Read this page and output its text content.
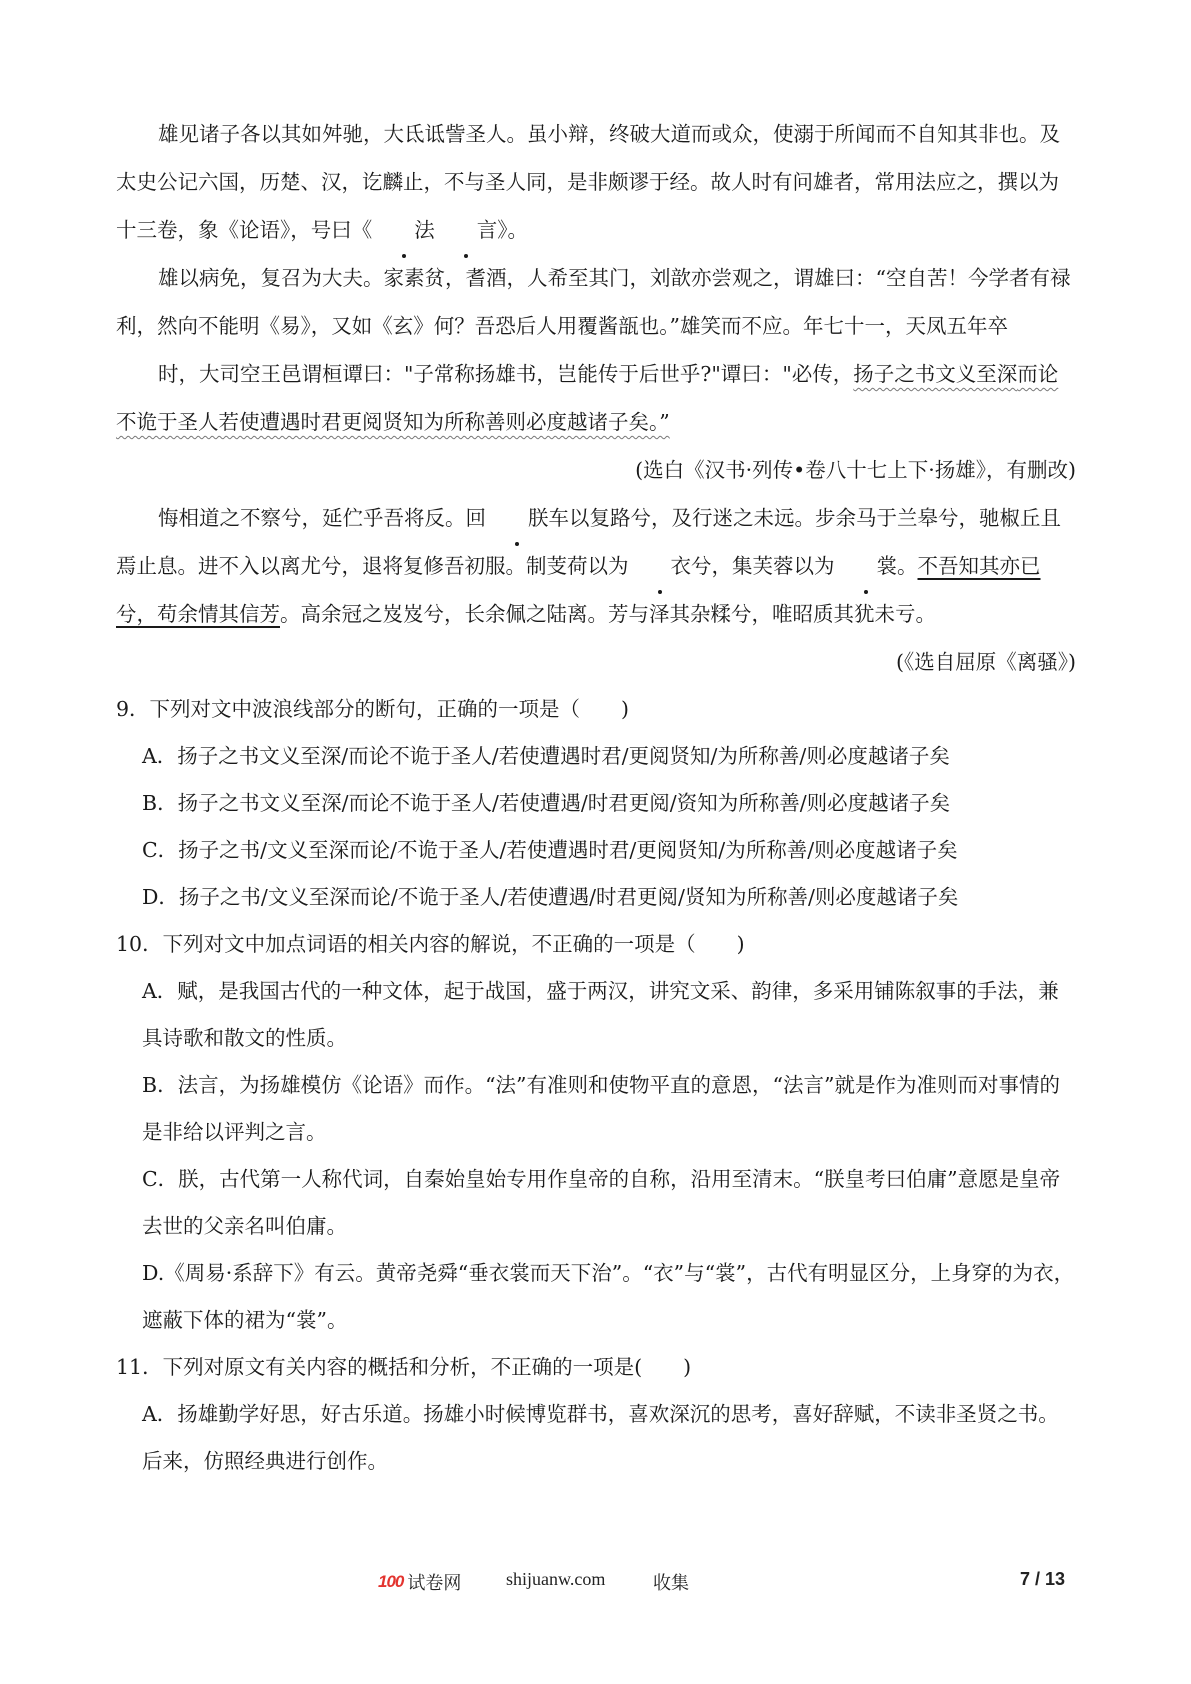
雄见诸子各以其如舛驰，大氐诋訾圣人。虽小辩，终破大道而或众，使溺于所闻而不自知其非也。及太史公记六国，历楚、汉，讫麟止，不与圣人同，是非颇谬于经。故人时有问雄者，常用法应之，撰以为十三卷，象《论语》，号曰《 法 言》。

雄以病免，复召为大夫。家素贫，耆酒，人希至其门，刘歆亦尝观之，谓雄曰：“空自苦！今学者有禄利，然向不能明《易》，又如《玄》何？吾恐后人用覆酱瓿也。”雄笑而不应。年七十一，天凤五年卒

时，大司空王邑谓桓谭曰："子常称扬雄书，岂能传于后世乎?"谭曰："必传，扬子之书文义至深而论不诡于圣人若使遭遇时君更阅贤知为所称善则必度越诸子矣。”

(选白《汉书·列传•卷八十七上下·扬雄》，有删改)

悔相道之不察兮，延伫乎吾将反。回 朕车以复路兮，及行迷之未远。步余马于兰皋兮，驰椒丘且焉止息。进不入以离尤兮，退将复修吾初服。制芰荷以为 衣兮，集芙蓉以为 裳。不吾知其亦已兮，苟余情其信芳。高余冠之岌岌兮，长余佩之陆离。芳与泽其杂糅兮，唯昭质其犹未亏。

(《选自屈原《离骚》)

9．下列对文中波浪线部分的断句，正确的一项是（　　)

A．扬子之书文义至深/而论不诡于圣人/若使遭遇时君/更阅贤知/为所称善/则必度越诸子矣

B．扬子之书文义至深/而论不诡于圣人/若使遭遇/时君更阅/资知为所称善/则必度越诸子矣

C．扬子之书/文义至深而论/不诡于圣人/若使遭遇时君/更阅贤知/为所称善/则必度越诸子矣

D．扬子之书/文义至深而论/不诡于圣人/若使遭遇/时君更阅/贤知为所称善/则必度越诸子矣

10．下列对文中加点词语的相关内容的解说，不正确的一项是（　　)

A．赋，是我国古代的一种文体，起于战国，盛于两汉，讲究文采、韵律，多采用铺陈叙事的手法，兼具诗歌和散文的性质。

B．法言，为扬雄模仿《论语》而作。“法”有准则和使物平直的意恩，“法言”就是作为准则而对事情的是非给以评判之言。

C．朕，古代第一人称代词，自秦始皇始专用作皇帝的自称，沿用至清末。“朕皇考曰伯庸”意愿是皇帝去世的父亲名叫伯庸。

D.《周易·系辞下》有云。黄帝尧舜“垂衣裳而天下治”。“衣”与“裳”，古代有明显区分，上身穿的为衣，遮蔽下体的裙为“裳”。

11．下列对原文有关内容的概括和分析，不正确的一项是(　　)

A．扬雄勤学好思，好古乐道。扬雄小时候博览群书，喜欢深沉的思考，喜好辞赋，不读非圣贤之书。后来，仿照经典进行创作。

100 试卷网 shijuanw.com	收集	7 / 13
